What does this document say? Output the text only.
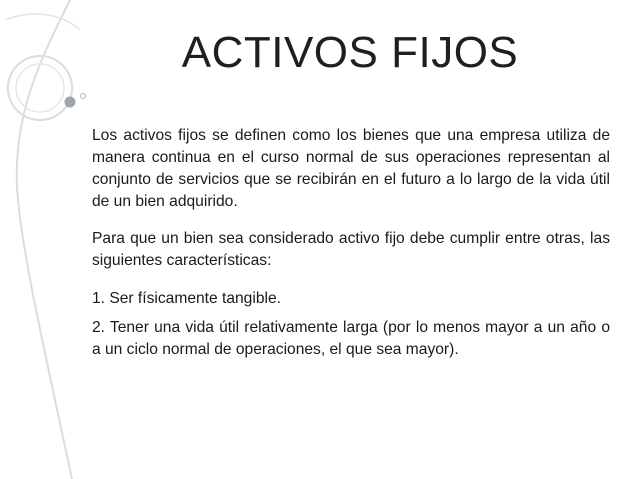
ACTIVOS FIJOS

Los activos fijos se definen como los bienes que una empresa utiliza de manera continua en el curso normal de sus operaciones representan al conjunto de servicios que se recibirán en el futuro a lo largo de la vida útil de un bien adquirido.

Para que un bien sea considerado activo fijo debe cumplir entre otras, las siguientes características:

1. Ser físicamente tangible.

2. Tener una vida útil relativamente larga (por lo menos mayor a un año o a un ciclo normal de operaciones, el que sea mayor).
